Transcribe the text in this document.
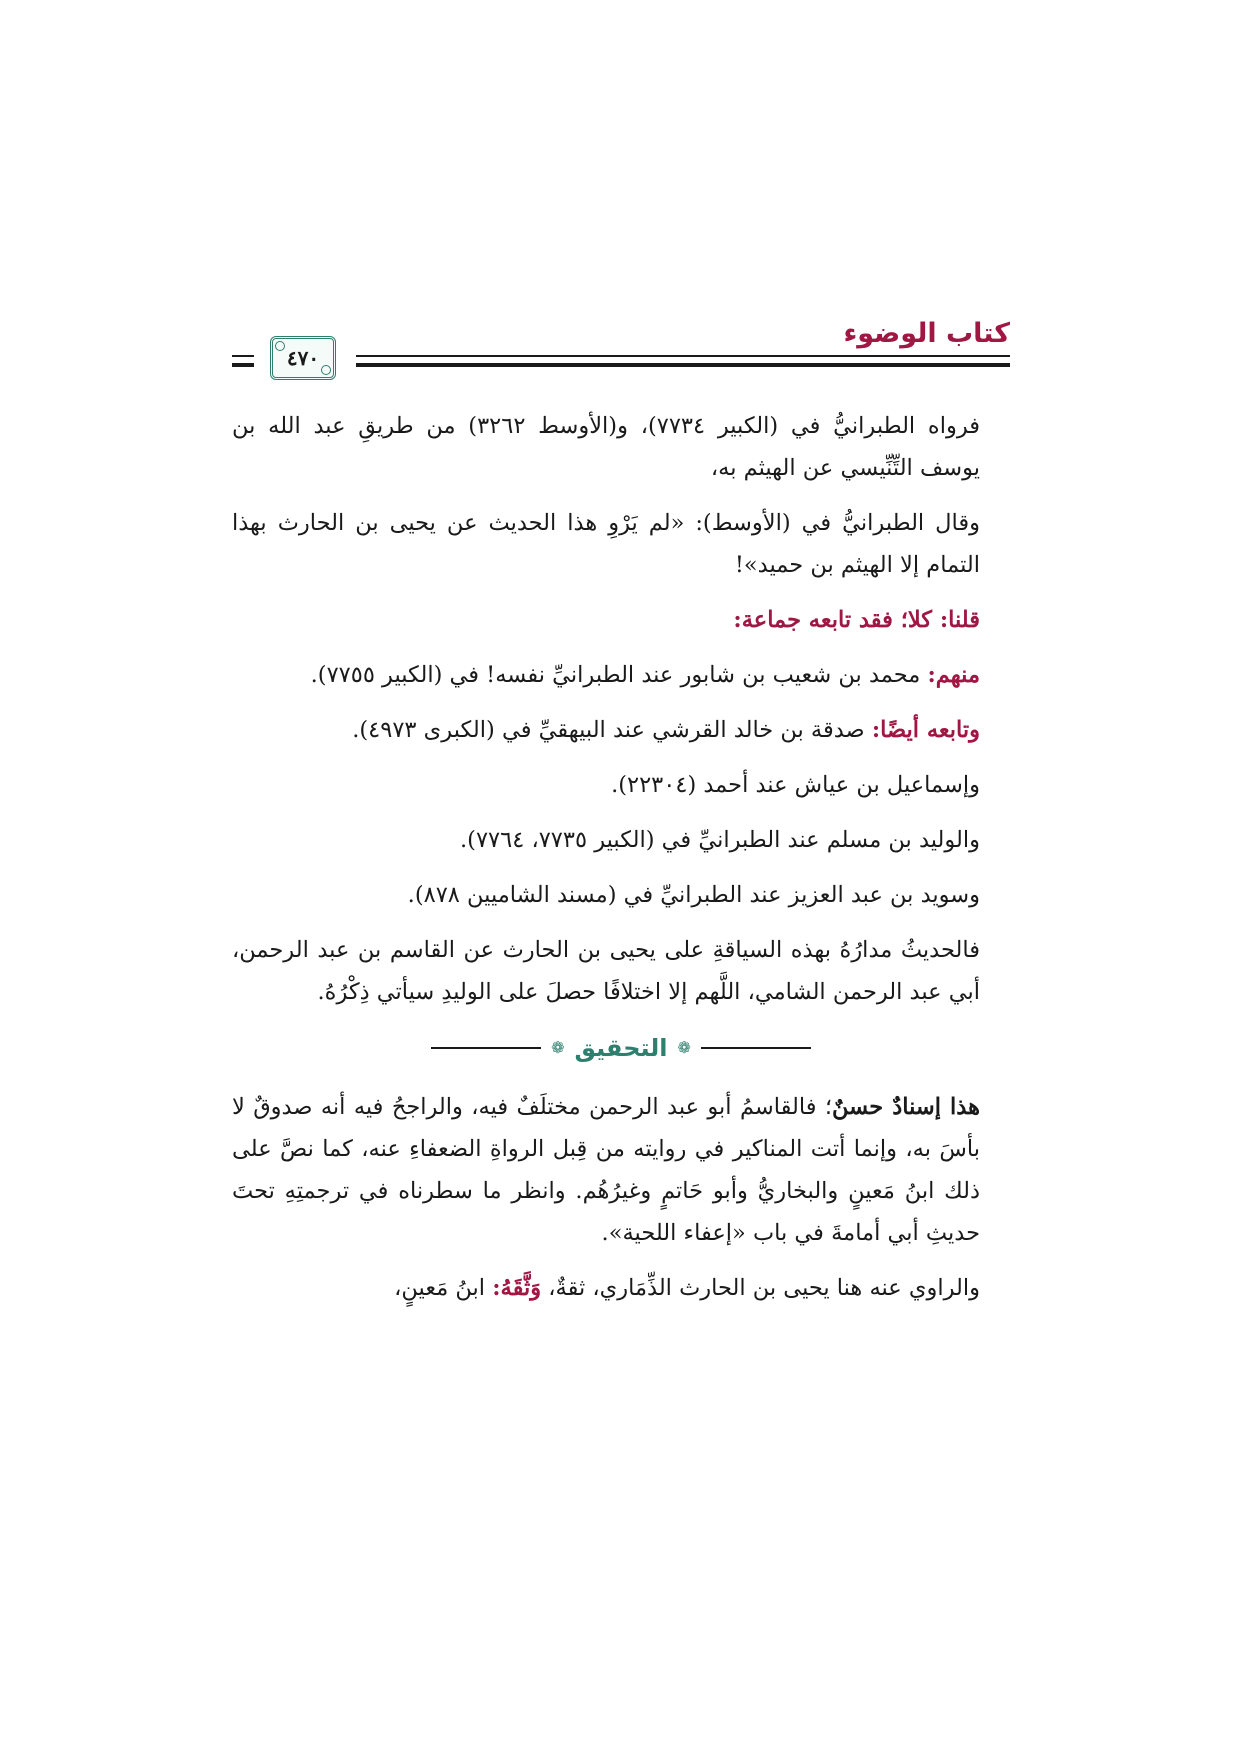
كتاب الوضوء
٤٧٠

فرواه الطبرانيُّ في (الكبير ٧٧٣٤)، و(الأوسط ٣٢٦٢) من طريقِ عبد الله بن يوسف التِّنِّيسي عن الهيثم به،

وقال الطبرانيُّ في (الأوسط): «لم يَرْوِ هذا الحديث عن يحيى بن الحارث بهذا التمام إلا الهيثم بن حميد»!

قلنا: كلا؛ فقد تابعه جماعة:

منهم: محمد بن شعيب بن شابور عند الطبرانيِّ نفسه! في (الكبير ٧٧٥٥).

وتابعه أيضًا: صدقة بن خالد القرشي عند البيهقيِّ في (الكبرى ٤٩٧٣).

وإسماعيل بن عياش عند أحمد (٢٢٣٠٤).

والوليد بن مسلم عند الطبرانيِّ في (الكبير ٧٧٣٥، ٧٧٦٤).

وسويد بن عبد العزيز عند الطبرانيِّ في (مسند الشاميين ٨٧٨).

فالحديثُ مدارُهُ بهذه السياقةِ على يحيى بن الحارث عن القاسم بن عبد الرحمن، أبي عبد الرحمن الشامي، اللَّهم إلا اختلافًا حصلَ على الوليدِ سيأتي ذِكْرُهُ.

❁
التحقيق
❁

هذا إسنادٌ حسنٌ؛ فالقاسمُ أبو عبد الرحمن مختلَفٌ فيه، والراجحُ فيه أنه صدوقٌ لا بأسَ به، وإنما أتت المناكير في روايته من قِبل الرواةِ الضعفاءِ عنه، كما نصَّ على ذلك ابنُ مَعينٍ والبخاريُّ وأبو حَاتمٍ وغيرُهُم. وانظر ما سطرناه في ترجمتِهِ تحتَ حديثِ أبي أمامةَ في باب «إعفاء اللحية».

والراوي عنه هنا يحيى بن الحارث الذِّمَاري، ثقةٌ، وَثَّقَهُ: ابنُ مَعينٍ،
